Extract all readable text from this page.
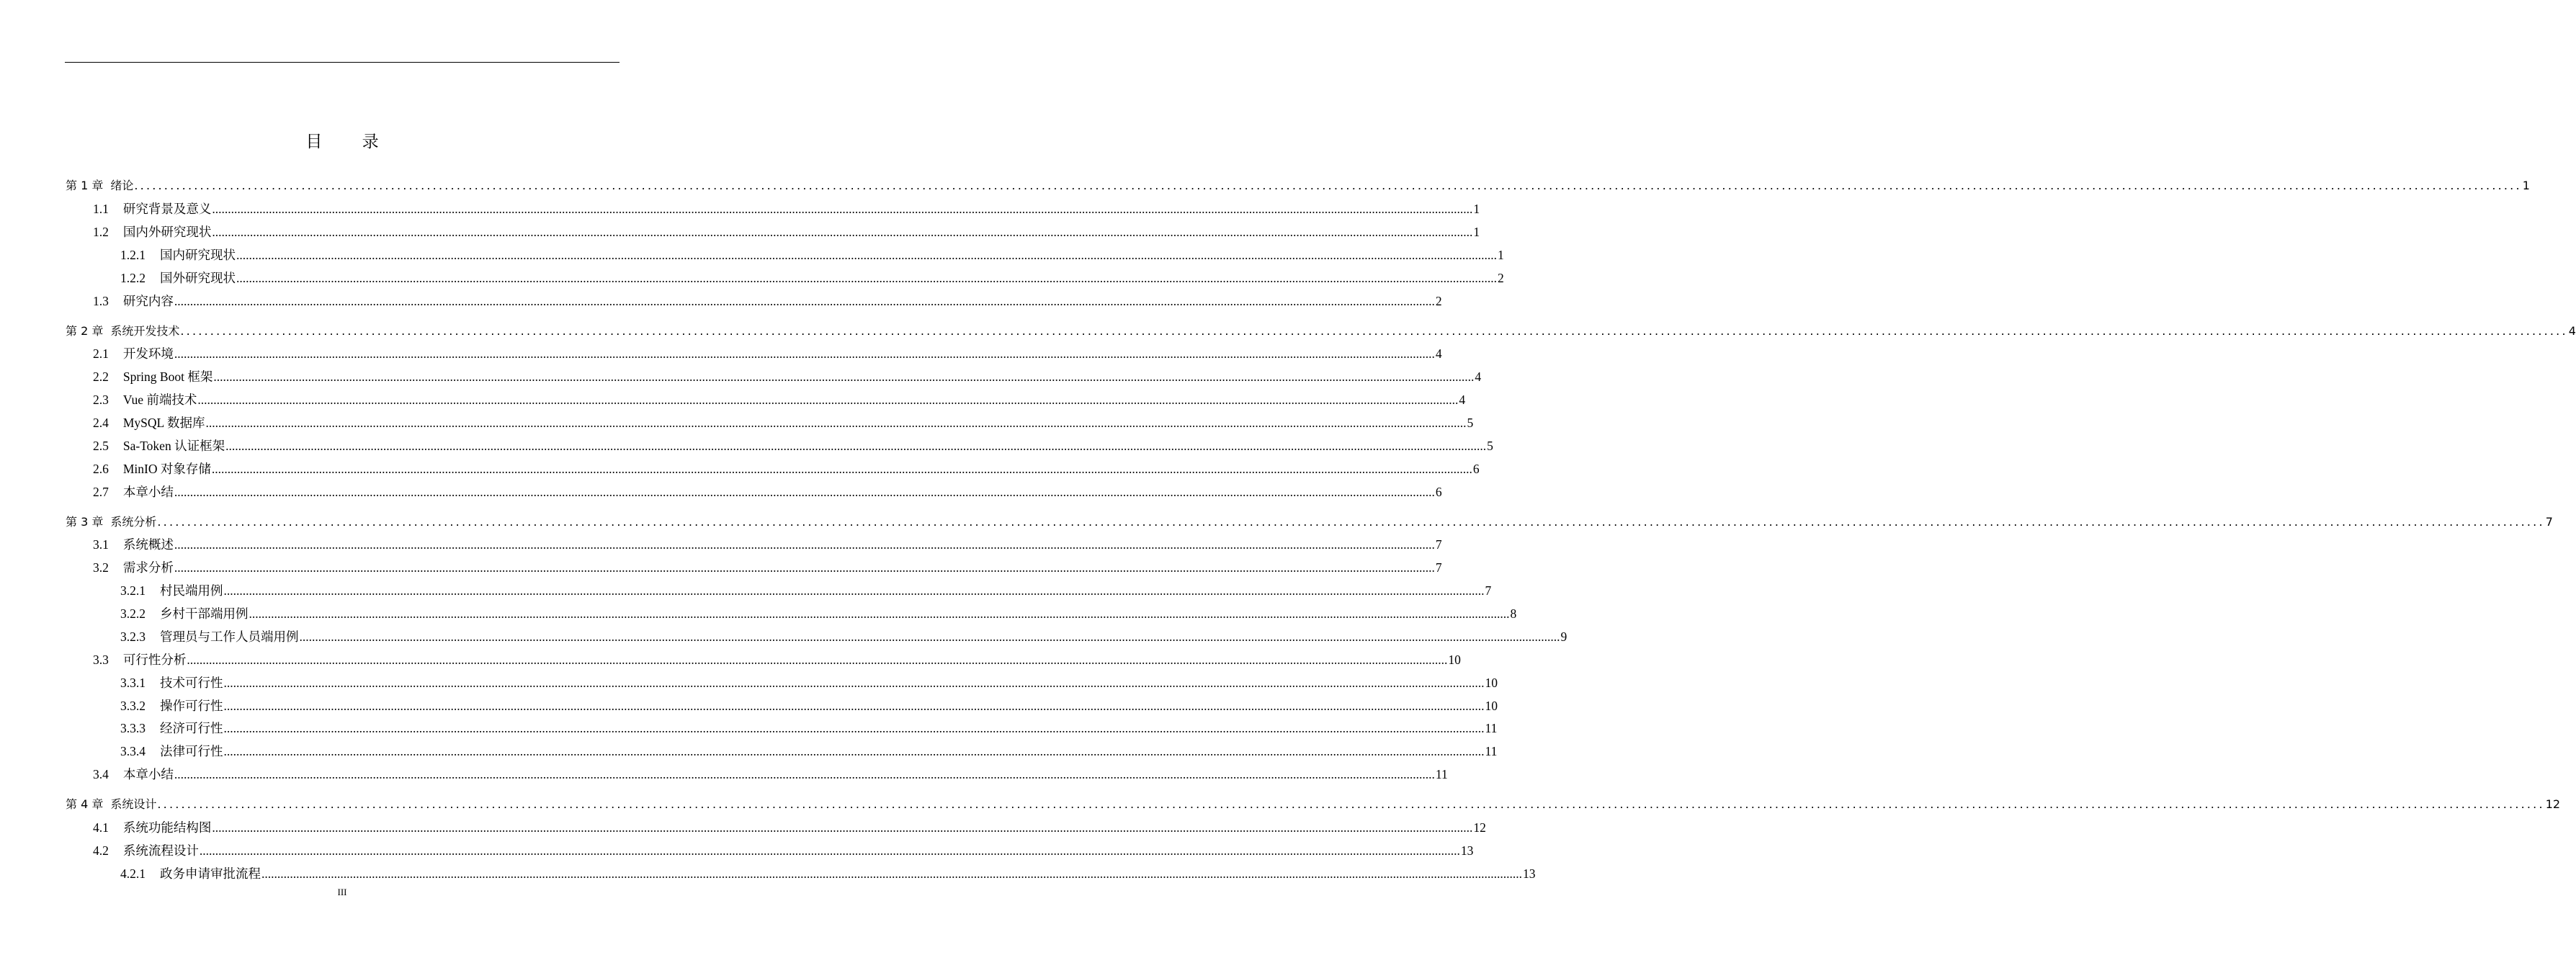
目 录
第 1 章 绪论 ................................................................................................................................................................................................................................................................................................................................................................................................................ 1
1.1 研究背景及意义 ................................................................................................................................................................................................................................................................................................................................................................................................................ 1
1.2 国内外研究现状 ................................................................................................................................................................................................................................................................................................................................................................................................................ 1
1.2.1 国内研究现状 ................................................................................................................................................................................................................................................................................................................................................................................................................ 1
1.2.2 国外研究现状 ................................................................................................................................................................................................................................................................................................................................................................................................................ 2
1.3 研究内容 ................................................................................................................................................................................................................................................................................................................................................................................................................ 2
第 2 章 系统开发技术 ................................................................................................................................................................................................................................................................................................................................................................................................................ 4
2.1 开发环境 ................................................................................................................................................................................................................................................................................................................................................................................................................ 4
2.2 Spring Boot 框架 ................................................................................................................................................................................................................................................................................................................................................................................................................ 4
2.3 Vue 前端技术 ................................................................................................................................................................................................................................................................................................................................................................................................................ 4
2.4 MySQL 数据库 ................................................................................................................................................................................................................................................................................................................................................................................................................ 5
2.5 Sa-Token 认证框架 ................................................................................................................................................................................................................................................................................................................................................................................................................ 5
2.6 MinIO 对象存储 ................................................................................................................................................................................................................................................................................................................................................................................................................ 6
2.7 本章小结 ................................................................................................................................................................................................................................................................................................................................................................................................................ 6
第 3 章 系统分析 ................................................................................................................................................................................................................................................................................................................................................................................................................ 7
3.1 系统概述 ................................................................................................................................................................................................................................................................................................................................................................................................................ 7
3.2 需求分析 ................................................................................................................................................................................................................................................................................................................................................................................................................ 7
3.2.1 村民端用例 ................................................................................................................................................................................................................................................................................................................................................................................................................ 7
3.2.2 乡村干部端用例 ................................................................................................................................................................................................................................................................................................................................................................................................................ 8
3.2.3 管理员与工作人员端用例 ................................................................................................................................................................................................................................................................................................................................................................................................................ 9
3.3 可行性分析 ................................................................................................................................................................................................................................................................................................................................................................................................................ 10
3.3.1 技术可行性 ................................................................................................................................................................................................................................................................................................................................................................................................................ 10
3.3.2 操作可行性 ................................................................................................................................................................................................................................................................................................................................................................................................................ 10
3.3.3 经济可行性 ................................................................................................................................................................................................................................................................................................................................................................................................................ 11
3.3.4 法律可行性 ................................................................................................................................................................................................................................................................................................................................................................................................................ 11
3.4 本章小结 ................................................................................................................................................................................................................................................................................................................................................................................................................ 11
第 4 章 系统设计 ................................................................................................................................................................................................................................................................................................................................................................................................................ 12
4.1 系统功能结构图 ................................................................................................................................................................................................................................................................................................................................................................................................................ 12
4.2 系统流程设计 ................................................................................................................................................................................................................................................................................................................................................................................................................ 13
4.2.1 政务申请审批流程 ................................................................................................................................................................................................................................................................................................................................................................................................................ 13
III
